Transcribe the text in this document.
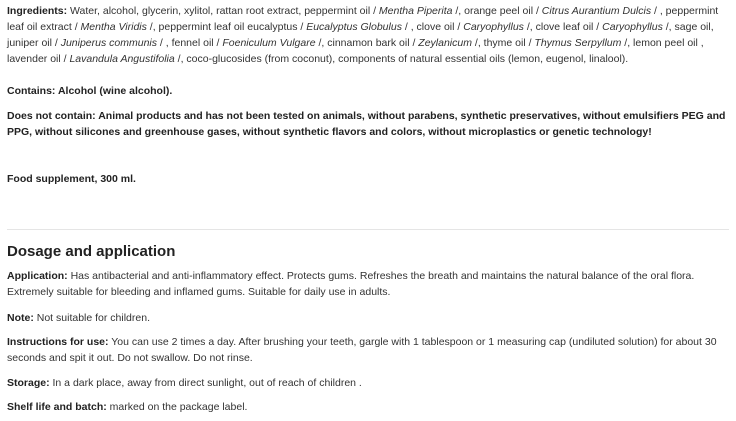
Ingredients: Water, alcohol, glycerin, xylitol, rattan root extract, peppermint oil / Mentha Piperita /, orange peel oil / Citrus Aurantium Dulcis / , peppermint leaf oil extract / Mentha Viridis /, peppermint leaf oil eucalyptus / Eucalyptus Globulus / , clove oil / Caryophyllus /, clove leaf oil / Caryophyllus /, sage oil, juniper oil / Juniperus communis / , fennel oil / Foeniculum Vulgare /, cinnamon bark oil / Zeylanicum /, thyme oil / Thymus Serpyllum /, lemon peel oil , lavender oil / Lavandula Angustifolia /, coco-glucosides (from coconut), components of natural essential oils (lemon, eugenol, linalool).

Contains: Alcohol (wine alcohol).

Does not contain: Animal products and has not been tested on animals, without parabens, synthetic preservatives, without emulsifiers PEG and PPG, without silicones and greenhouse gases, without synthetic flavors and colors, without microplastics or genetic technology!

Food supplement, 300 ml.

Dosage and application

Application: Has antibacterial and anti-inflammatory effect. Protects gums. Refreshes the breath and maintains the natural balance of the oral flora. Extremely suitable for bleeding and inflamed gums. Suitable for daily use in adults.

Note: Not suitable for children.

Instructions for use: You can use 2 times a day. After brushing your teeth, gargle with 1 tablespoon or 1 measuring cap (undiluted solution) for about 30 seconds and spit it out. Do not swallow. Do not rinse.

Storage: In a dark place, away from direct sunlight, out of reach of children .

Shelf life and batch: marked on the package label.
